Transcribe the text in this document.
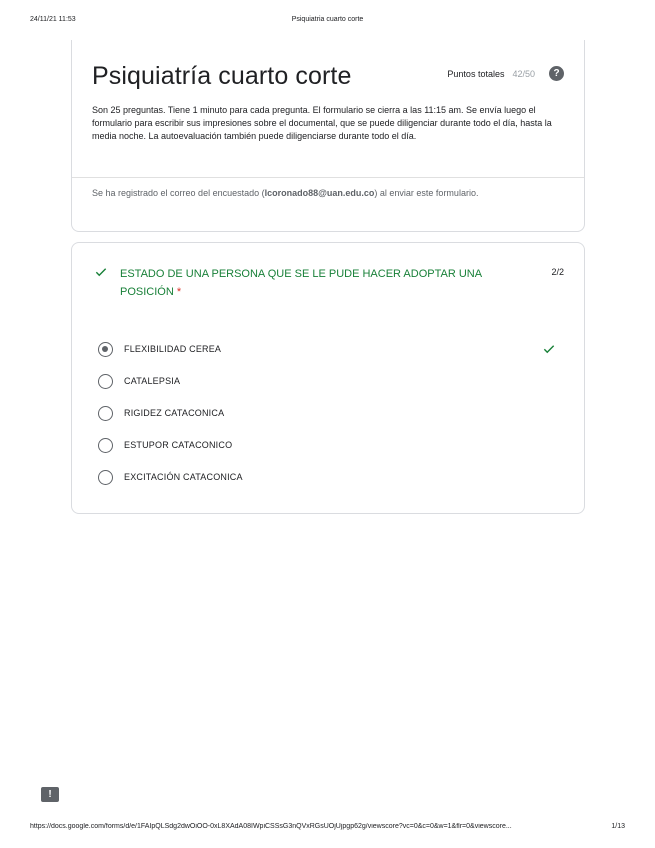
24/11/21 11:53	Psiquiatria cuarto corte
Psiquiatría cuarto corte	Puntos totales 42/50	?
Son 25 preguntas. Tiene 1 minuto para cada pregunta. El formulario se cierra a las 11:15 am. Se envía luego el formulario para escribir sus impresiones sobre el documental, que se puede diligenciar durante todo el día, hasta la media noche. La autoevaluación también puede diligenciarse durante todo el día.
Se ha registrado el correo del encuestado (lcoronado88@uan.edu.co) al enviar este formulario.
ESTADO DE UNA PERSONA QUE SE LE PUDE HACER ADOPTAR UNA POSICIÓN *
2/2
FLEXIBILIDAD CEREA
CATALEPSIA
RIGIDEZ CATACONICA
ESTUPOR CATACONICO
EXCITACIÓN CATACONICA
!
https://docs.google.com/forms/d/e/1FAIpQLSdg2dwOiOO-0xL8XAdA08IWpiCSSsG3nQVxRGsUOjUjpgp62g/viewscore?vc=0&c=0&w=1&flr=0&viewscore...	1/13
